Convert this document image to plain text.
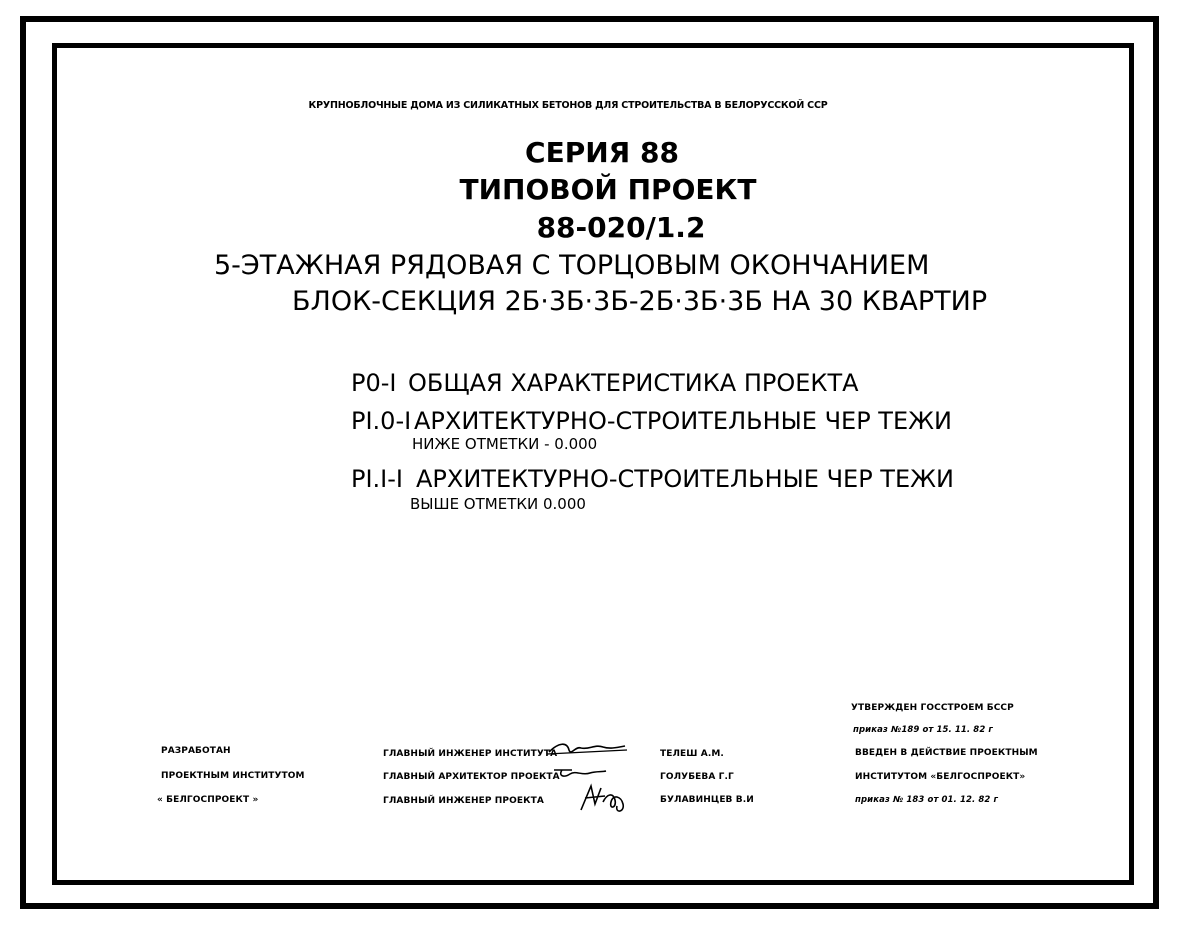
КРУПНОБЛОЧНЫЕ ДОМА ИЗ СИЛИКАТНЫХ БЕТОНОВ ДЛЯ СТРОИТЕЛЬСТВА В БЕЛОРУССКОЙ ССР
СЕРИЯ 88
ТИПОВОЙ ПРОЕКТ
88-020/1.2
5-ЭТАЖНАЯ РЯДОВАЯ С ТОРЦОВЫМ ОКОНЧАНИЕМ
БЛОК-СЕКЦИЯ 2Б·3Б·3Б-2Б·3Б·3Б НА 30 КВАРТИР
Р0-I ОБЩАЯ ХАРАКТЕРИСТИКА ПРОЕКТА
РI.0-I АРХИТЕКТУРНО-СТРОИТЕЛЬНЫЕ ЧЕР ТЕЖИ
НИЖЕ ОТМЕТКИ - 0.000
РI.I-I АРХИТЕКТУРНО-СТРОИТЕЛЬНЫЕ ЧЕР ТЕЖИ
ВЫШЕ ОТМЕТКИ 0.000
РАЗРАБОТАН
ПРОЕКТНЫМ ИНСТИТУТОМ
« БЕЛГОСПРОЕКТ »
ГЛАВНЫЙ ИНЖЕНЕР ИНСТИТУТА	ТЕЛЕШ А.М.
ГЛАВНЫЙ АРХИТЕКТОР ПРОЕКТА	ГОЛУБЕВА Г.Г
ГЛАВНЫЙ ИНЖЕНЕР ПРОЕКТА	БУЛАВИНЦЕВ В.И
УТВЕРЖДЕН ГОССТРОЕМ БССР
приказ №189 от 15. 11. 82 г
ВВЕДЕН В ДЕЙСТВИЕ ПРОЕКТНЫМ
ИНСТИТУТОМ «БЕЛГОСПРОЕКТ»
приказ № 183 от 01. 12. 82 г
